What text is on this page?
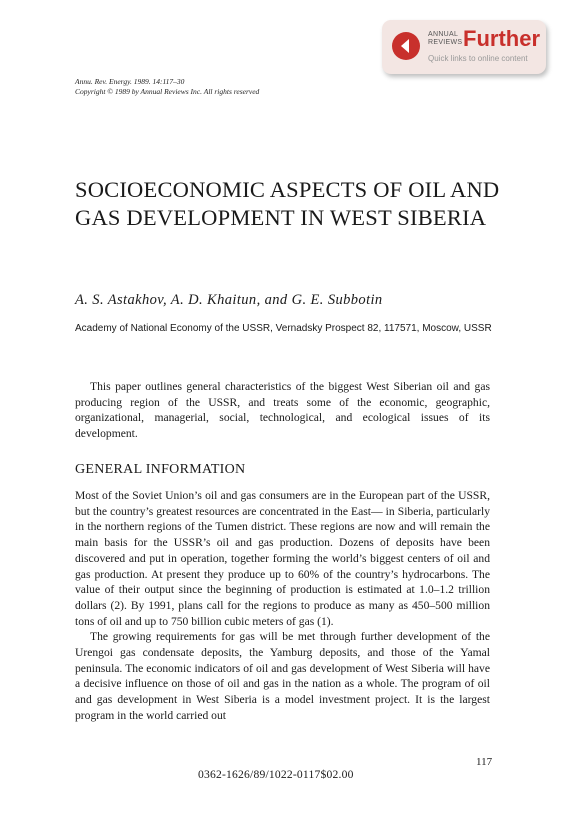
ANNUAL
REVIEWS Further
Quick links to online content
Annu. Rev. Energy. 1989. 14:117–30
Copyright © 1989 by Annual Reviews Inc. All rights reserved
SOCIOECONOMIC ASPECTS OF OIL AND GAS DEVELOPMENT IN WEST SIBERIA
A. S. Astakhov, A. D. Khaitun, and G. E. Subbotin
Academy of National Economy of the USSR, Vernadsky Prospect 82, 117571, Moscow, USSR
This paper outlines general characteristics of the biggest West Siberian oil and gas producing region of the USSR, and treats some of the economic, geographic, organizational, managerial, social, technological, and ecological issues of its development.
GENERAL INFORMATION

Most of the Soviet Union’s oil and gas consumers are in the European part of the USSR, but the country’s greatest resources are concentrated in the East— in Siberia, particularly in the northern regions of the Tumen district. These regions are now and will remain the main basis for the USSR’s oil and gas production. Dozens of deposits have been discovered and put in operation, together forming the world’s biggest centers of oil and gas production. At present they produce up to 60% of the country’s hydrocarbons. The value of their output since the beginning of production is estimated at 1.0–1.2 trillion dollars (2). By 1991, plans call for the regions to produce as many as 450–500 million tons of oil and up to 750 billion cubic meters of gas (1).

The growing requirements for gas will be met through further development of the Urengoi gas condensate deposits, the Yamburg deposits, and those of the Yamal peninsula. The economic indicators of oil and gas development of West Siberia will have a decisive influence on those of oil and gas in the nation as a whole. The program of oil and gas development in West Siberia is a model investment project. It is the largest program in the world carried out

117
0362-1626/89/1022-0117$02.00
